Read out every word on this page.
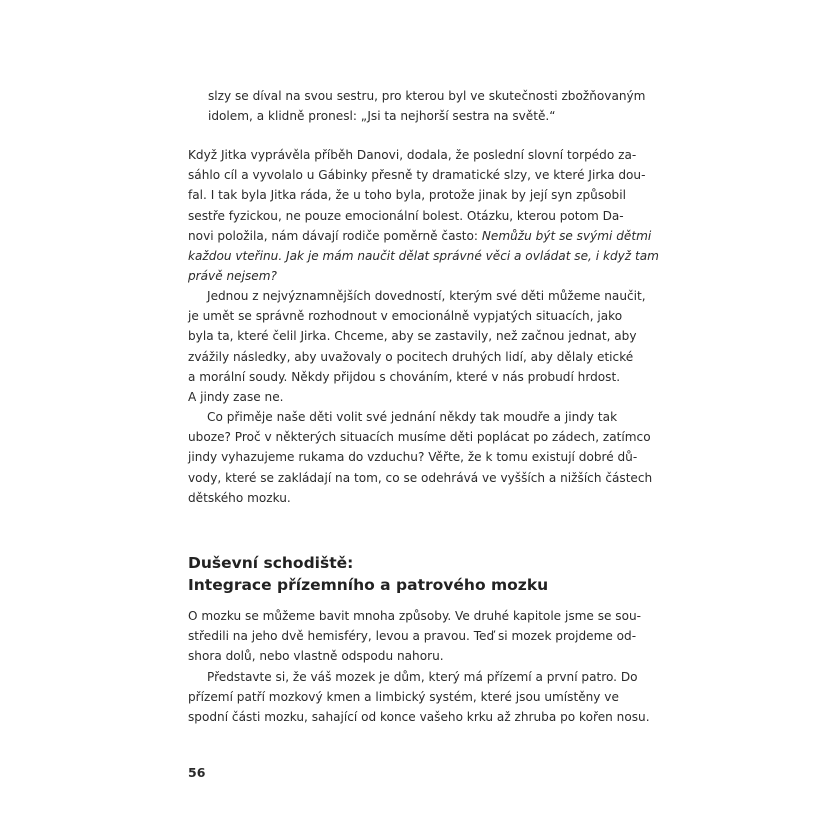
slzy se díval na svou sestru, pro kterou byl ve skutečnosti zbožňovaným
idolem, a klidně pronesl: „Jsi ta nejhorší sestra na světě.“
Když Jitka vyprávěla příběh Danovi, dodala, že poslední slovní torpédo za-
sáhlo cíl a vyvolalo u Gábinky přesně ty dramatické slzy, ve které Jirka dou-
fal. I tak byla Jitka ráda, že u toho byla, protože jinak by její syn způsobil
sestře fyzickou, ne pouze emocionální bolest. Otázku, kterou potom Da-
novi položila, nám dávají rodiče poměrně často: Nemůžu být se svými dětmi
každou vteřinu. Jak je mám naučit dělat správné věci a ovládat se, i když tam
právě nejsem?
Jednou z nejvýznamnějších dovedností, kterým své děti můžeme naučit,
je umět se správně rozhodnout v emocionálně vypjatých situacích, jako
byla ta, které čelil Jirka. Chceme, aby se zastavily, než začnou jednat, aby
zvážily následky, aby uvažovaly o pocitech druhých lidí, aby dělaly etické
a morální soudy. Někdy přijdou s chováním, které v nás probudí hrdost.
A jindy zase ne.
Co přiměje naše děti volit své jednání někdy tak moudře a jindy tak
uboze? Proč v některých situacích musíme děti poplácat po zádech, zatímco
jindy vyhazujeme rukama do vzduchu? Věřte, že k tomu existují dobré dů-
vody, které se zakládají na tom, co se odehrává ve vyšších a nižších částech
dětského mozku.
Duševní schodiště:
Integrace přízemního a patrového mozku
O mozku se můžeme bavit mnoha způsoby. Ve druhé kapitole jsme se sou-
středili na jeho dvě hemisféry, levou a pravou. Teď si mozek projdeme od-
shora dolů, nebo vlastně odspodu nahoru.
Představte si, že váš mozek je dům, který má přízemí a první patro. Do
přízemí patří mozkový kmen a limbický systém, které jsou umístěny ve
spodní části mozku, sahající od konce vašeho krku až zhruba po kořen nosu.
56
